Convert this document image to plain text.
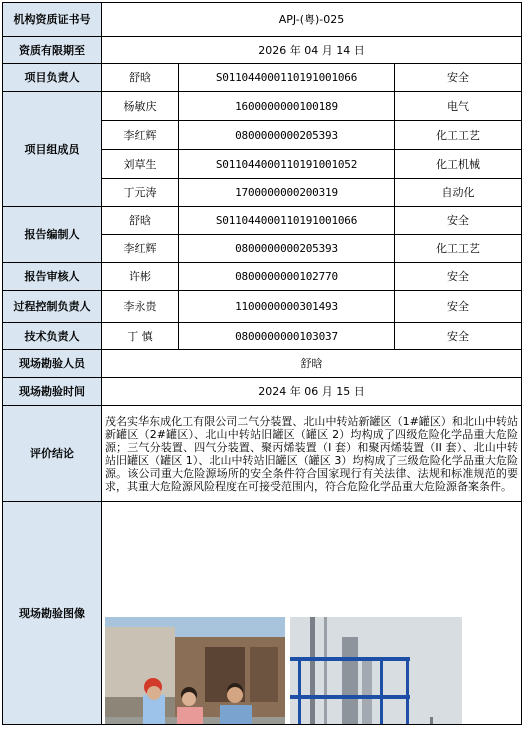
机构资质证书号	APJ-(粤)-025		
资质有限期至	2026 年 04 月 14 日		
项目负责人	舒晗	S011044000110191001066	安全
项目组成员	杨敏庆	1600000000100189	电气
	李红辉	0800000000205393	化工工艺
	刘草生	S011044000110191001052	化工机械
	丁元涛	1700000000200319	自动化
报告编制人	舒晗	S011044000110191001066	安全
	李红辉	0800000000205393	化工工艺
报告审核人	许彬	0800000000102770	安全
过程控制负责人	李永贵	1100000000301493	安全
技术负责人	丁 慎	0800000000103037	安全
现场勘验人员	舒晗		
现场勘验时间	2024 年 06 月 15 日		
评价结论	茂名实华东成化工有限公司二气分装置、北山中转站新罐区（1#罐区）和北山中转站新罐区（2#罐区）、北山中转站旧罐区（罐区 2）均构成了四级危险化学品重大危险源；三气分装置、四气分装置、聚丙烯装置（I 套）和聚丙烯装置（II 套）、北山中转站旧罐区（罐区 1）、北山中转站旧罐区（罐区 3）均构成了三级危险化学品重大危险源。该公司重大危险源场所的安全条件符合国家现行有关法律、法规和标准规范的要求，其重大危险源风险程度在可接受范围内，符合危险化学品重大危险源备案条件。		
现场勘验图像	
